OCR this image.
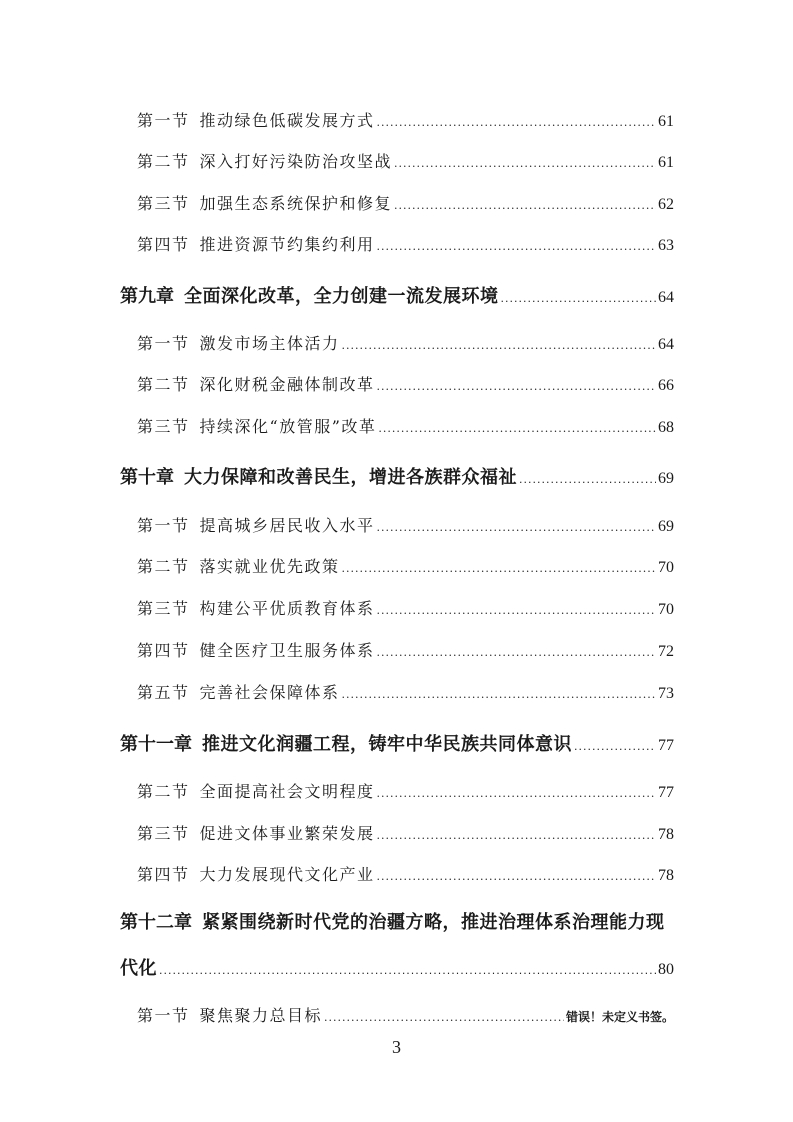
第一节 推动绿色低碳发展方式 .....	61
第二节 深入打好污染防治攻坚战 .....	61
第三节 加强生态系统保护和修复 .....	62
第四节 推进资源节约集约利用 .....	63
第九章 全面深化改革，全力创建一流发展环境 .....	64
第一节 激发市场主体活力 .....	64
第二节 深化财税金融体制改革 .....	66
第三节 持续深化“放管服”改革 .....	68
第十章 大力保障和改善民生，增进各族群众福祉 .....	69
第一节 提高城乡居民收入水平 .....	69
第二节 落实就业优先政策 .....	70
第三节 构建公平优质教育体系 .....	70
第四节 健全医疗卫生服务体系 .....	72
第五节 完善社会保障体系 .....	73
第十一章 推进文化润疆工程，铸牢中华民族共同体意识 .....	77
第二节 全面提高社会文明程度 .....	77
第三节 促进文体事业繁荣发展 .....	78
第四节 大力发展现代文化产业 .....	78
第十二章 紧紧围绕新时代党的治疆方略，推进治理体系治理能力现
代化 .....	80
第一节 聚焦聚力总目标 .....	错误！未定义书签。
3
